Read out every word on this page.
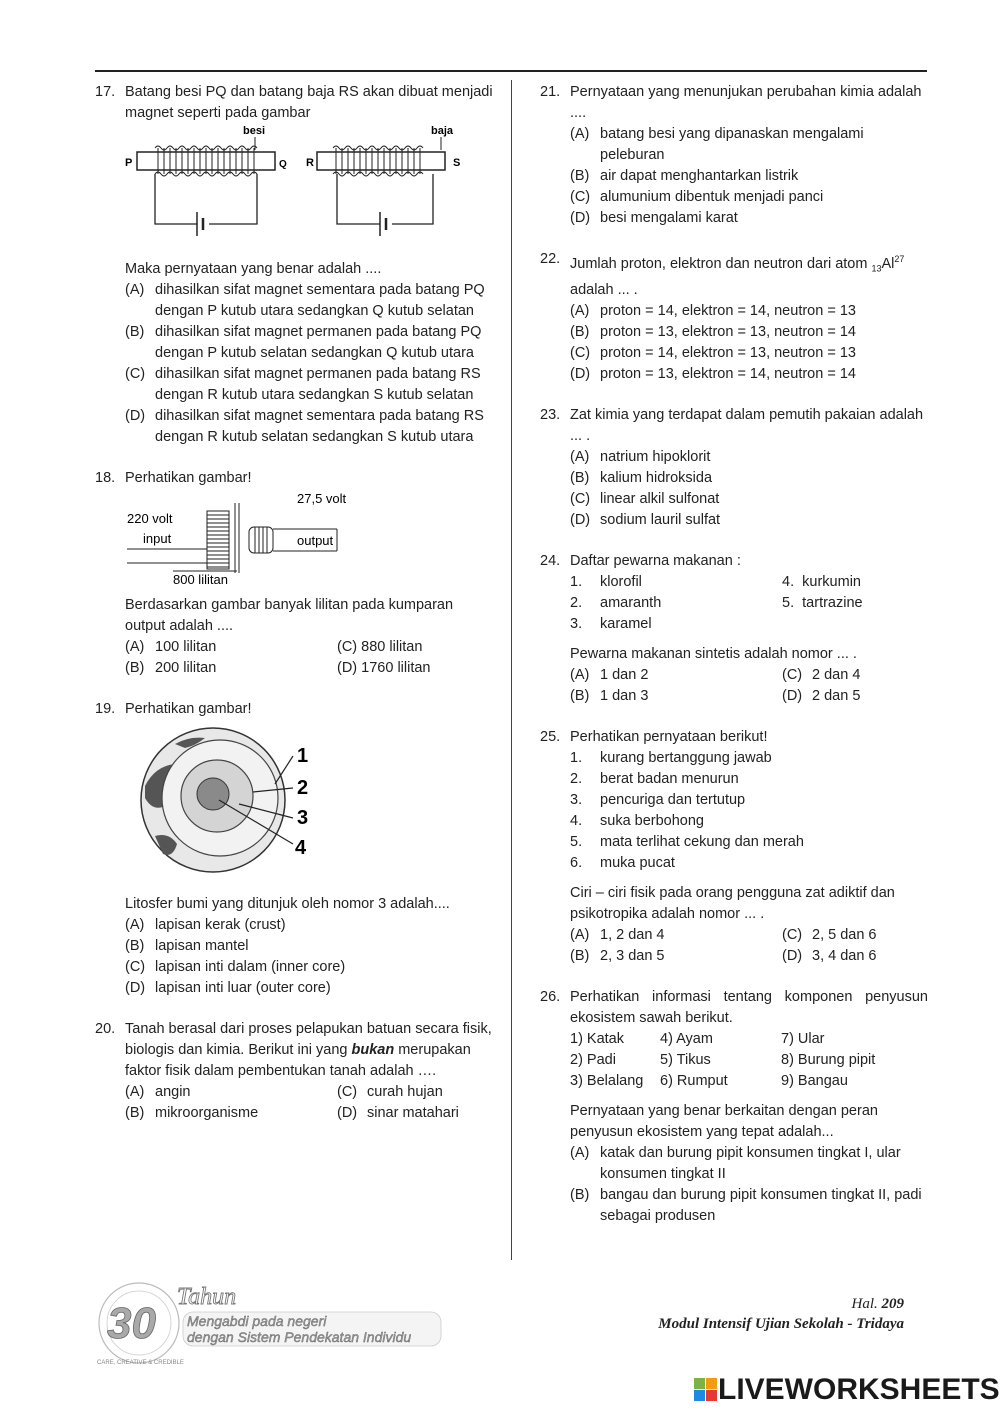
17. Batang besi PQ dan batang baja RS akan dibuat menjadi magnet seperti pada gambar
P	Q
besi
R	S
baja
Maka pernyataan yang benar adalah ....
(A) dihasilkan sifat magnet sementara pada batang PQ dengan P kutub utara sedangkan Q kutub selatan
(B) dihasilkan sifat magnet permanen pada batang PQ dengan P kutub selatan sedangkan Q kutub utara
(C) dihasilkan sifat magnet permanen pada batang RS dengan R kutub utara sedangkan S kutub selatan
(D) dihasilkan sifat magnet sementara pada batang RS dengan R kutub selatan sedangkan S kutub utara
18. Perhatikan gambar!
27,5 volt
220 volt
input	output
800 lilitan
Berdasarkan gambar banyak lilitan pada kumparan output adalah ....
(A) 100 lilitan	(C) 880 lilitan
(B) 200 lilitan	(D) 1760 lilitan
19. Perhatikan gambar!
1
2
3
4
Litosfer bumi yang ditunjuk oleh nomor 3 adalah....
(A) lapisan kerak (crust)
(B) lapisan mantel
(C) lapisan inti dalam (inner core)
(D) lapisan inti luar (outer core)
20. Tanah berasal dari proses pelapukan batuan secara fisik, biologis dan kimia. Berikut ini yang bukan merupakan faktor fisik dalam pembentukan tanah adalah ….
(A) angin	(C) curah hujan
(B) mikroorganisme	(D) sinar matahari
21. Pernyataan yang menunjukan perubahan kimia adalah ....
(A) batang besi yang dipanaskan mengalami peleburan
(B) air dapat menghantarkan listrik
(C) alumunium dibentuk menjadi panci
(D) besi mengalami karat
22. Jumlah proton, elektron dan neutron dari atom $_{13}Al^{27}$
adalah ... .
(A) proton = 14, elektron = 14, neutron = 13
(B) proton = 13, elektron = 13, neutron = 14
(C) proton = 14, elektron = 13, neutron = 13
(D) proton = 13, elektron = 14, neutron = 14
23. Zat kimia yang terdapat dalam pemutih pakaian adalah ... .
(A) natrium hipoklorit
(B) kalium hidroksida
(C) linear alkil sulfonat
(D) sodium lauril sulfat
24. Daftar pewarna makanan :
1. klorofil	4. kurkumin
2. amaranth	5. tartrazine
3. karamel
Pewarna makanan sintetis adalah nomor ... .
(A) 1 dan 2	(C) 2 dan 4
(B) 1 dan 3	(D) 2 dan 5
25. Perhatikan pernyataan berikut!
1. kurang bertanggung jawab
2. berat badan menurun
3. pencuriga dan tertutup
4. suka berbohong
5. mata terlihat cekung dan merah
6. muka pucat
Ciri – ciri fisik pada orang pengguna zat adiktif dan psikotropika adalah nomor ... .
(A) 1, 2 dan 4	(C) 2, 5 dan 6
(B) 2, 3 dan 5	(D) 3, 4 dan 6
26. Perhatikan informasi tentang komponen penyusun ekosistem sawah berikut.
1) Katak	4) Ayam	7) Ular
2) Padi	5) Tikus	8) Burung pipit
3) Belalang	6) Rumput	9) Bangau
Pernyataan yang benar berkaitan dengan peran penyusun ekosistem yang tepat adalah...
(A) katak dan burung pipit konsumen tingkat I, ular konsumen tingkat II
(B) bangau dan burung pipit konsumen tingkat II, padi sebagai produsen
30
Tahun
Mengabdi pada negeri
dengan Sistem Pendekatan Individu
CARE, CREATIVE & CREDIBLE
Hal. 209
Modul Intensif Ujian Sekolah - Tridaya
LIVEWORKSHEETS
